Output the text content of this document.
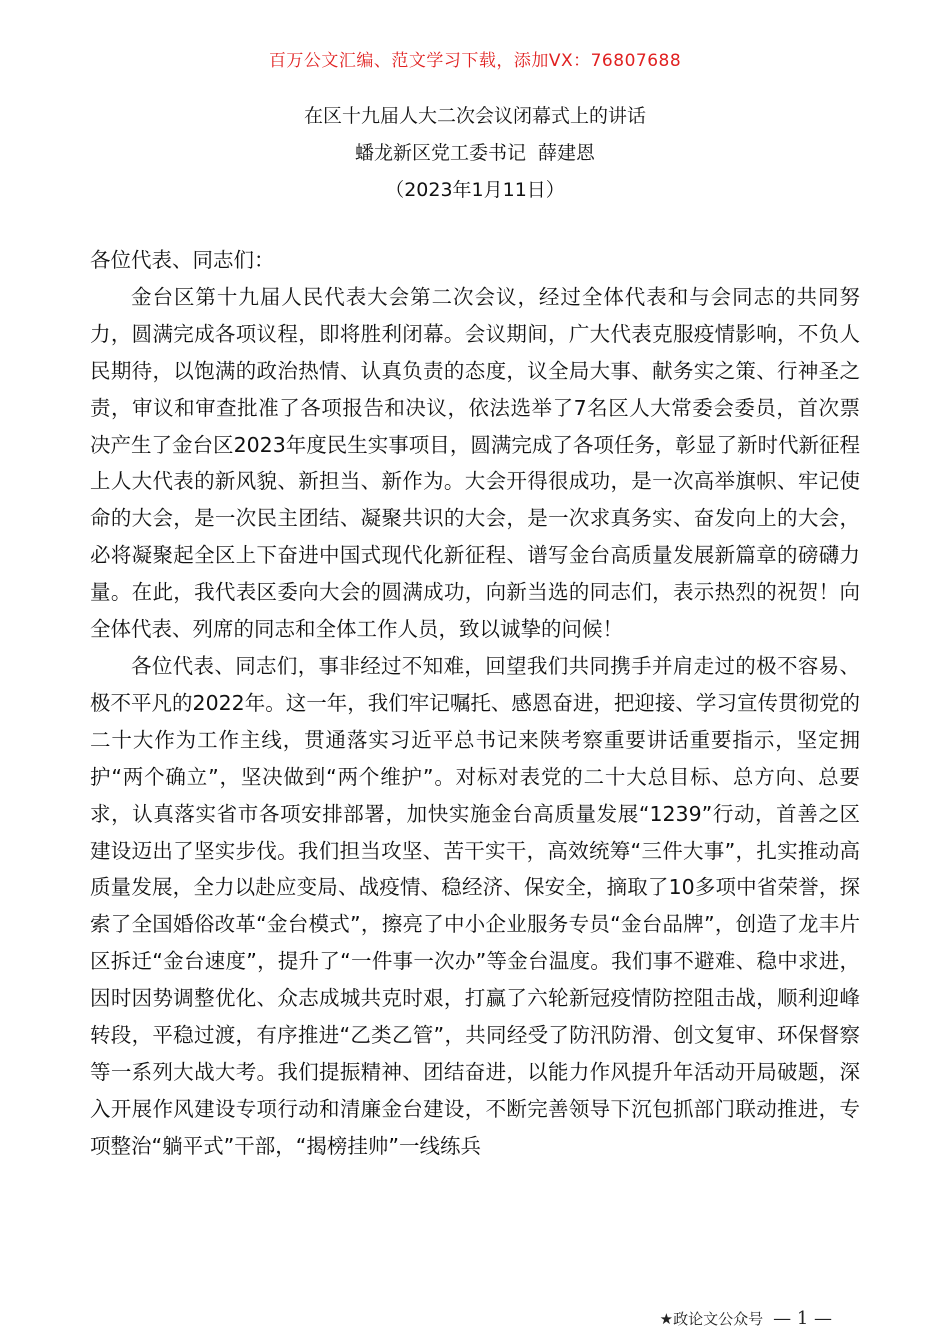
百万公文汇编、范文学习下载，添加VX：76807688
在区十九届人大二次会议闭幕式上的讲话
蟠龙新区党工委书记  薛建恩
（2023年1月11日）

各位代表、同志们：

金台区第十九届人民代表大会第二次会议，经过全体代表和与会同志的共同努力，圆满完成各项议程，即将胜利闭幕。会议期间，广大代表克服疫情影响，不负人民期待，以饱满的政治热情、认真负责的态度，议全局大事、献务实之策、行神圣之责，审议和审查批准了各项报告和决议，依法选举了7名区人大常委会委员，首次票决产生了金台区2023年度民生实事项目，圆满完成了各项任务，彰显了新时代新征程上人大代表的新风貌、新担当、新作为。大会开得很成功，是一次高举旗帜、牢记使命的大会，是一次民主团结、凝聚共识的大会，是一次求真务实、奋发向上的大会，必将凝聚起全区上下奋进中国式现代化新征程、谱写金台高质量发展新篇章的磅礴力量。在此，我代表区委向大会的圆满成功，向新当选的同志们，表示热烈的祝贺！向全体代表、列席的同志和全体工作人员，致以诚挚的问候！

各位代表、同志们，事非经过不知难，回望我们共同携手并肩走过的极不容易、极不平凡的2022年。这一年，我们牢记嘱托、感恩奋进，把迎接、学习宣传贯彻党的二十大作为工作主线，贯通落实习近平总书记来陕考察重要讲话重要指示，坚定拥护“两个确立”，坚决做到“两个维护”。对标对表党的二十大总目标、总方向、总要求，认真落实省市各项安排部署，加快实施金台高质量发展“1239”行动，首善之区建设迈出了坚实步伐。我们担当攻坚、苦干实干，高效统筹“三件大事”，扎实推动高质量发展，全力以赴应变局、战疫情、稳经济、保安全，摘取了10多项中省荣誉，探索了全国婚俗改革“金台模式”，擦亮了中小企业服务专员“金台品牌”，创造了龙丰片区拆迁“金台速度”，提升了“一件事一次办”等金台温度。我们事不避难、稳中求进，因时因势调整优化、众志成城共克时艰，打赢了六轮新冠疫情防控阻击战，顺利迎峰转段，平稳过渡，有序推进“乙类乙管”，共同经受了防汛防滑、创文复审、环保督察等一系列大战大考。我们提振精神、团结奋进，以能力作风提升年活动开局破题，深入开展作风建设专项行动和清廉金台建设，不断完善领导下沉包抓部门联动推进，专项整治“躺平式”干部，“揭榜挂帅”一线练兵

★政论文公众号 — 1 —
